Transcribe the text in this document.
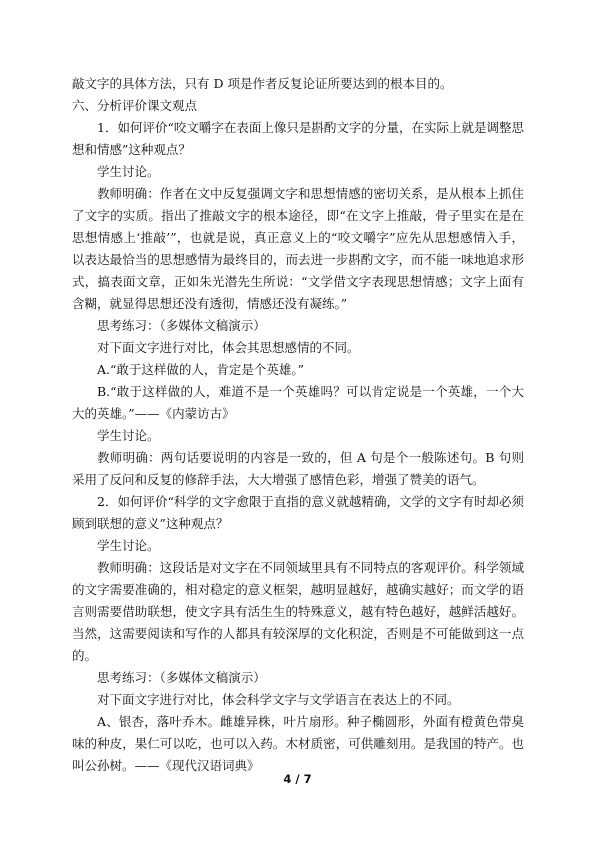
敲文字的具体方法，只有 D 项是作者反复论证所要达到的根本目的。

六、分析评价课文观点

1．如何评价“咬文嚼字在表面上像只是斟酌文字的分量，在实际上就是调整思想和情感”这种观点？

学生讨论。

教师明确：作者在文中反复强调文字和思想情感的密切关系，是从根本上抓住了文字的实质。指出了推敲文字的根本途径，即“在文字上推敲，骨子里实在是在思想情感上‘推敲’”，也就是说，真正意义上的“咬文嚼字”应先从思想感情入手，以表达最恰当的思想感情为最终目的，而去进一步斟酌文字，而不能一味地追求形式，搞表面文章，正如朱光潜先生所说：“文学借文字表现思想情感；文字上面有含糊，就显得思想还没有透彻，情感还没有凝练。”

思考练习：（多媒体文稿演示）

对下面文字进行对比，体会其思想感情的不同。

A.“敢于这样做的人，肯定是个英雄。”

B.“敢于这样做的人，难道不是一个英雄吗？可以肯定说是一个英雄，一个大大的英雄。”——《内蒙访古》

学生讨论。

教师明确：两句话要说明的内容是一致的，但 A 句是个一般陈述句。B 句则采用了反问和反复的修辞手法，大大增强了感情色彩，增强了赞美的语气。

2．如何评价“科学的文字愈限于直指的意义就越精确，文学的文字有时却必须顾到联想的意义”这种观点？

学生讨论。

教师明确：这段话是对文字在不同领域里具有不同特点的客观评价。科学领域的文字需要准确的，相对稳定的意义框架，越明显越好，越确实越好；而文学的语言则需要借助联想，使文字具有活生生的特殊意义，越有特色越好，越鲜活越好。当然，这需要阅读和写作的人都具有较深厚的文化积淀，否则是不可能做到这一点的。

思考练习：（多媒体文稿演示）

对下面文字进行对比，体会科学文字与文学语言在表达上的不同。

A、银杏，落叶乔木。雌雄异株，叶片扇形。种子椭圆形，外面有橙黄色带臭味的种皮，果仁可以吃，也可以入药。木材质密，可供雕刻用。是我国的特产。也叫公孙树。——《现代汉语词典》

4 / 7
